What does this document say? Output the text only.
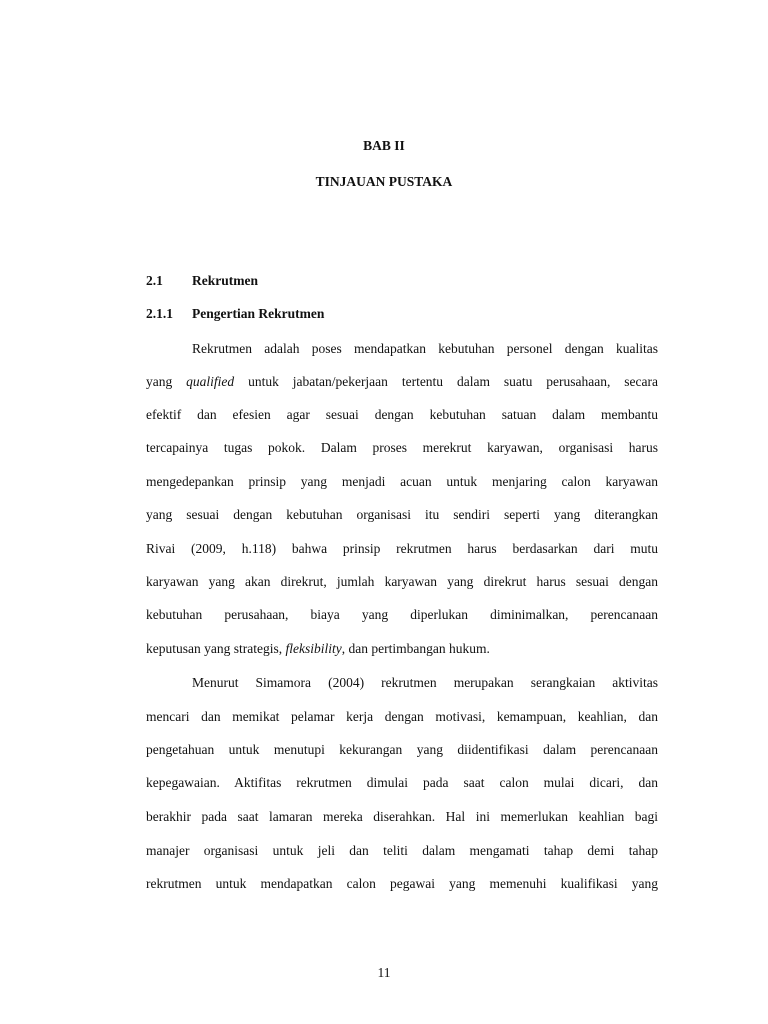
BAB II
TINJAUAN PUSTAKA
2.1 Rekrutmen
2.1.1 Pengertian Rekrutmen
Rekrutmen adalah poses mendapatkan kebutuhan personel dengan kualitas
yang qualified untuk jabatan/pekerjaan tertentu dalam suatu perusahaan, secara
efektif dan efesien agar sesuai dengan kebutuhan satuan dalam membantu
tercapainya tugas pokok. Dalam proses merekrut karyawan, organisasi harus
mengedepankan prinsip yang menjadi acuan untuk menjaring calon karyawan
yang sesuai dengan kebutuhan organisasi itu sendiri seperti yang diterangkan
Rivai (2009, h.118) bahwa prinsip rekrutmen harus berdasarkan dari mutu
karyawan yang akan direkrut, jumlah karyawan yang direkrut harus sesuai dengan
kebutuhan perusahaan, biaya yang diperlukan diminimalkan, perencanaan
keputusan yang strategis, fleksibility, dan pertimbangan hukum.
Menurut Simamora (2004) rekrutmen merupakan serangkaian aktivitas
mencari dan memikat pelamar kerja dengan motivasi, kemampuan, keahlian, dan
pengetahuan untuk menutupi kekurangan yang diidentifikasi dalam perencanaan
kepegawaian. Aktifitas rekrutmen dimulai pada saat calon mulai dicari, dan
berakhir pada saat lamaran mereka diserahkan. Hal ini memerlukan keahlian bagi
manajer organisasi untuk jeli dan teliti dalam mengamati tahap demi tahap
rekrutmen untuk mendapatkan calon pegawai yang memenuhi kualifikasi yang
11
